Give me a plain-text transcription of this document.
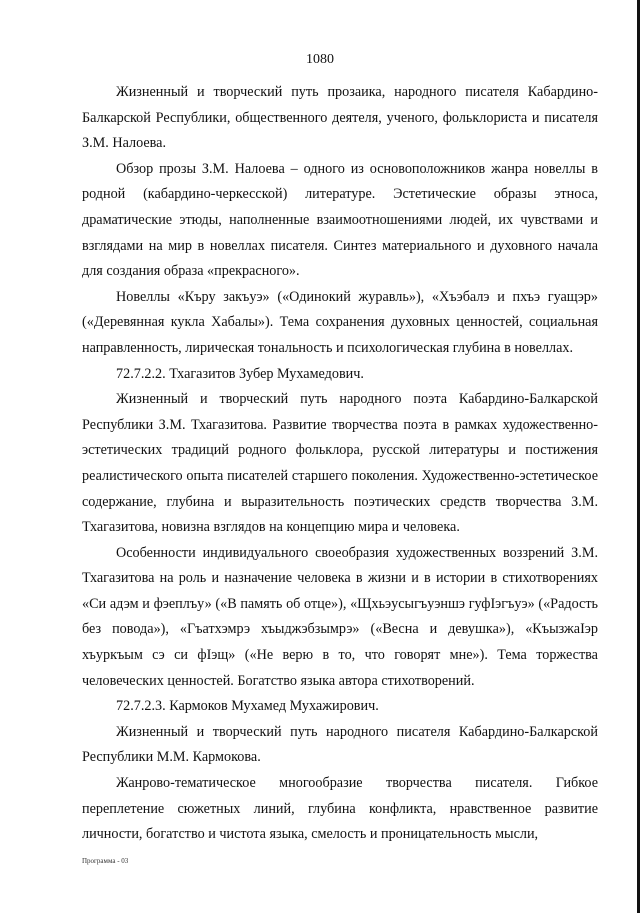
1080

Жизненный и творческий путь прозаика, народного писателя Кабардино-Балкарской Республики, общественного деятеля, ученого, фольклориста и писателя З.М. Налоева.

Обзор прозы З.М. Налоева – одного из основоположников жанра новеллы в родной (кабардино-черкесской) литературе. Эстетические образы этноса, драматические этюды, наполненные взаимоотношениями людей, их чувствами и взглядами на мир в новеллах писателя. Синтез материального и духовного начала для создания образа «прекрасного».

Новеллы «Къру закъуэ» («Одинокий журавль»), «Хъэбалэ и пхъэ гуащэр» («Деревянная кукла Хабалы»). Тема сохранения духовных ценностей, социальная направленность, лирическая тональность и психологическая глубина в новеллах.

72.7.2.2. Тхагазитов Зубер Мухамедович.

Жизненный и творческий путь народного поэта Кабардино-Балкарской Республики З.М. Тхагазитова. Развитие творчества поэта в рамках художественно-эстетических традиций родного фольклора, русской литературы и постижения реалистического опыта писателей старшего поколения. Художественно-эстетическое содержание, глубина и выразительность поэтических средств творчества З.М. Тхагазитова, новизна взглядов на концепцию мира и человека.

Особенности индивидуального своеобразия художественных воззрений З.М. Тхагазитова на роль и назначение человека в жизни и в истории в стихотворениях «Си адэм и фэеплъу» («В память об отце»), «Щхьэусыгъуэншэ гуфIэгъуэ» («Радость без повода»), «Гъатхэмрэ хъыджэбзымрэ» («Весна и девушка»), «КъызжаIэр хъуркъым сэ си фIэщ» («Не верю в то, что говорят мне»). Тема торжества человеческих ценностей. Богатство языка автора стихотворений.

72.7.2.3. Кармоков Мухамед Мухажирович.

Жизненный и творческий путь народного писателя Кабардино-Балкарской Республики М.М. Кармокова.

Жанрово-тематическое многообразие творчества писателя. Гибкое переплетение сюжетных линий, глубина конфликта, нравственное развитие личности, богатство и чистота языка, смелость и проницательность мысли,

Программа - 03
